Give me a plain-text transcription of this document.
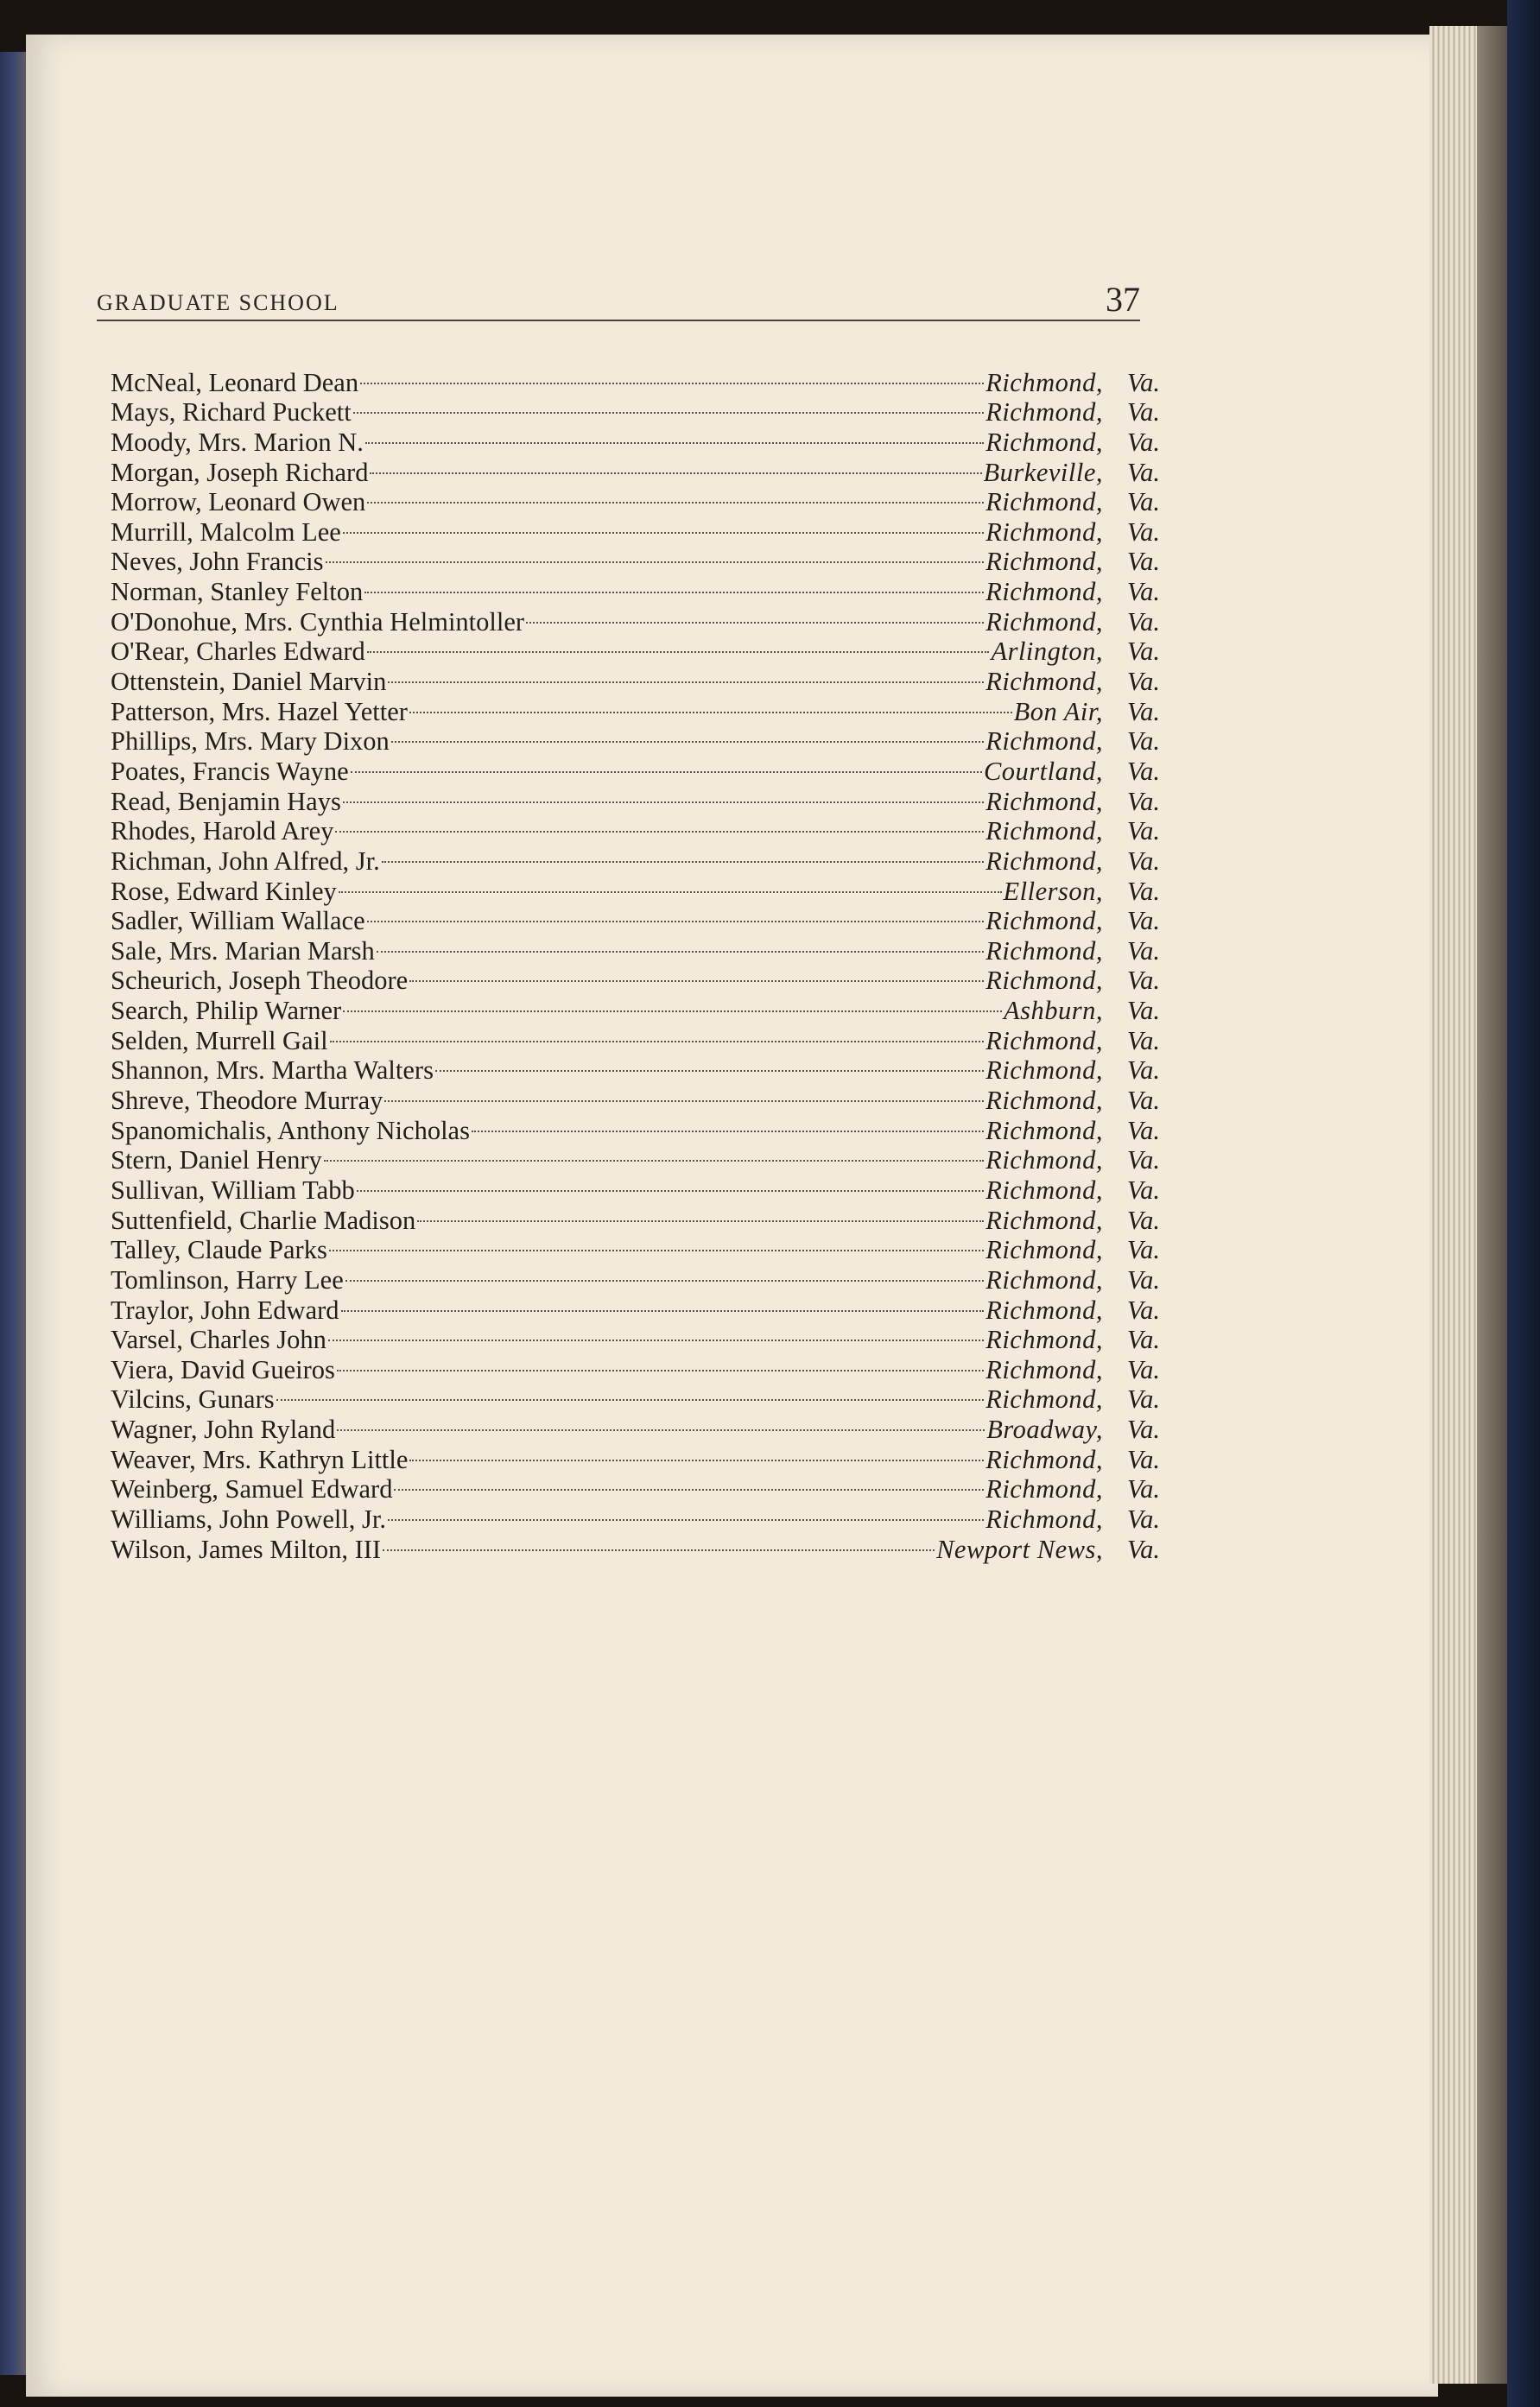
GRADUATE SCHOOL	37
McNeal, Leonard Dean	Richmond, Va.
Mays, Richard Puckett	Richmond, Va.
Moody, Mrs. Marion N.	Richmond, Va.
Morgan, Joseph Richard	Burkeville, Va.
Morrow, Leonard Owen	Richmond, Va.
Murrill, Malcolm Lee	Richmond, Va.
Neves, John Francis	Richmond, Va.
Norman, Stanley Felton	Richmond, Va.
O'Donohue, Mrs. Cynthia Helmintoller	Richmond, Va.
O'Rear, Charles Edward	Arlington, Va.
Ottenstein, Daniel Marvin	Richmond, Va.
Patterson, Mrs. Hazel Yetter	Bon Air, Va.
Phillips, Mrs. Mary Dixon	Richmond, Va.
Poates, Francis Wayne	Courtland, Va.
Read, Benjamin Hays	Richmond, Va.
Rhodes, Harold Arey	Richmond, Va.
Richman, John Alfred, Jr.	Richmond, Va.
Rose, Edward Kinley	Ellerson, Va.
Sadler, William Wallace	Richmond, Va.
Sale, Mrs. Marian Marsh	Richmond, Va.
Scheurich, Joseph Theodore	Richmond, Va.
Search, Philip Warner	Ashburn, Va.
Selden, Murrell Gail	Richmond, Va.
Shannon, Mrs. Martha Walters	Richmond, Va.
Shreve, Theodore Murray	Richmond, Va.
Spanomichalis, Anthony Nicholas	Richmond, Va.
Stern, Daniel Henry	Richmond, Va.
Sullivan, William Tabb	Richmond, Va.
Suttenfield, Charlie Madison	Richmond, Va.
Talley, Claude Parks	Richmond, Va.
Tomlinson, Harry Lee	Richmond, Va.
Traylor, John Edward	Richmond, Va.
Varsel, Charles John	Richmond, Va.
Viera, David Gueiros	Richmond, Va.
Vilcins, Gunars	Richmond, Va.
Wagner, John Ryland	Broadway, Va.
Weaver, Mrs. Kathryn Little	Richmond, Va.
Weinberg, Samuel Edward	Richmond, Va.
Williams, John Powell, Jr.	Richmond, Va.
Wilson, James Milton, III	Newport News, Va.
